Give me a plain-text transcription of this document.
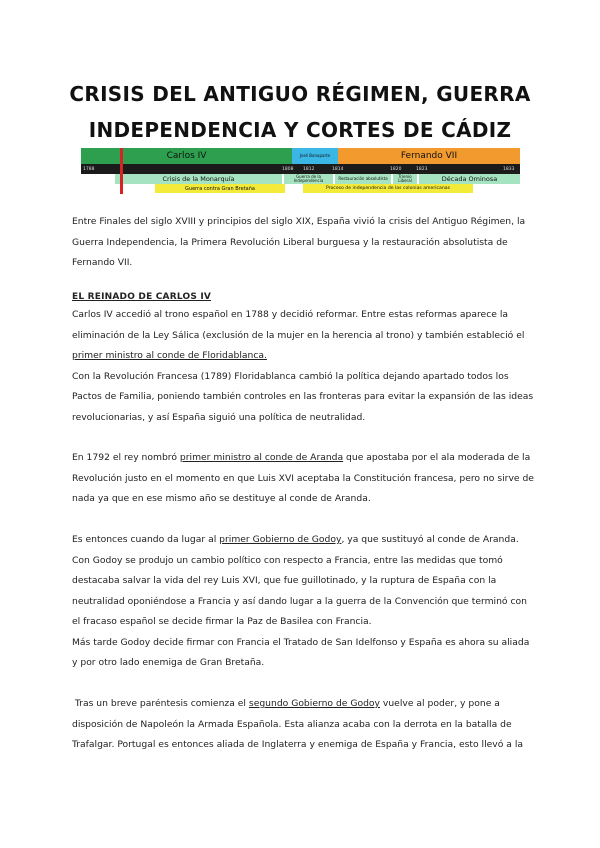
CRISIS DEL ANTIGUO RÉGIMEN, GUERRA
INDEPENDENCIA Y CORTES DE CÁDIZ
Carlos IV	José Bonaparte	Fernando VII
1788	1808 1812	1814	1820	1823	1833
Crisis de la Monarquía	Guerra de la Independencia	Restauración absolutista	Trienio Liberal	Década Ominosa
Guerra contra Gran Bretaña	Proceso de independencia de las colonias americanas

Entre Finales del siglo XVIII y principios del siglo XIX, España vivió la crisis del Antiguo Régimen, la Guerra Independencia, la Primera Revolución Liberal burguesa y la restauración absolutista de Fernando VII.

EL REINADO DE CARLOS IV

Carlos IV accedió al trono español en 1788 y decidió reformar. Entre estas reformas aparece la eliminación de la Ley Sálica (exclusión de la mujer en la herencia al trono) y también estableció el primer ministro al conde de Floridablanca.
Con la Revolución Francesa (1789) Floridablanca cambió la política dejando apartado todos los Pactos de Familia, poniendo también controles en las fronteras para evitar la expansión de las ideas revolucionarias, y así España siguió una política de neutralidad.

En 1792 el rey nombró primer ministro al conde de Aranda que apostaba por el ala moderada de la Revolución justo en el momento en que Luis XVI aceptaba la Constitución francesa, pero no sirve de nada ya que en ese mismo año se destituye al conde de Aranda.

Es entonces cuando da lugar al primer Gobierno de Godoy, ya que sustituyó al conde de Aranda. Con Godoy se produjo un cambio político con respecto a Francia, entre las medidas que tomó destacaba salvar la vida del rey Luis XVI, que fue guillotinado, y la ruptura de España con la neutralidad oponiéndose a Francia y así dando lugar a la guerra de la Convención que terminó con el fracaso español se decide firmar la Paz de Basilea con Francia.
Más tarde Godoy decide firmar con Francia el Tratado de San Idelfonso y España es ahora su aliada y por otro lado enemiga de Gran Bretaña.

Tras un breve paréntesis comienza el segundo Gobierno de Godoy vuelve al poder, y pone a disposición de Napoleón la Armada Española. Esta alianza acaba con la derrota en la batalla de Trafalgar. Portugal es entonces aliada de Inglaterra y enemiga de España y Francia, esto llevó a la
